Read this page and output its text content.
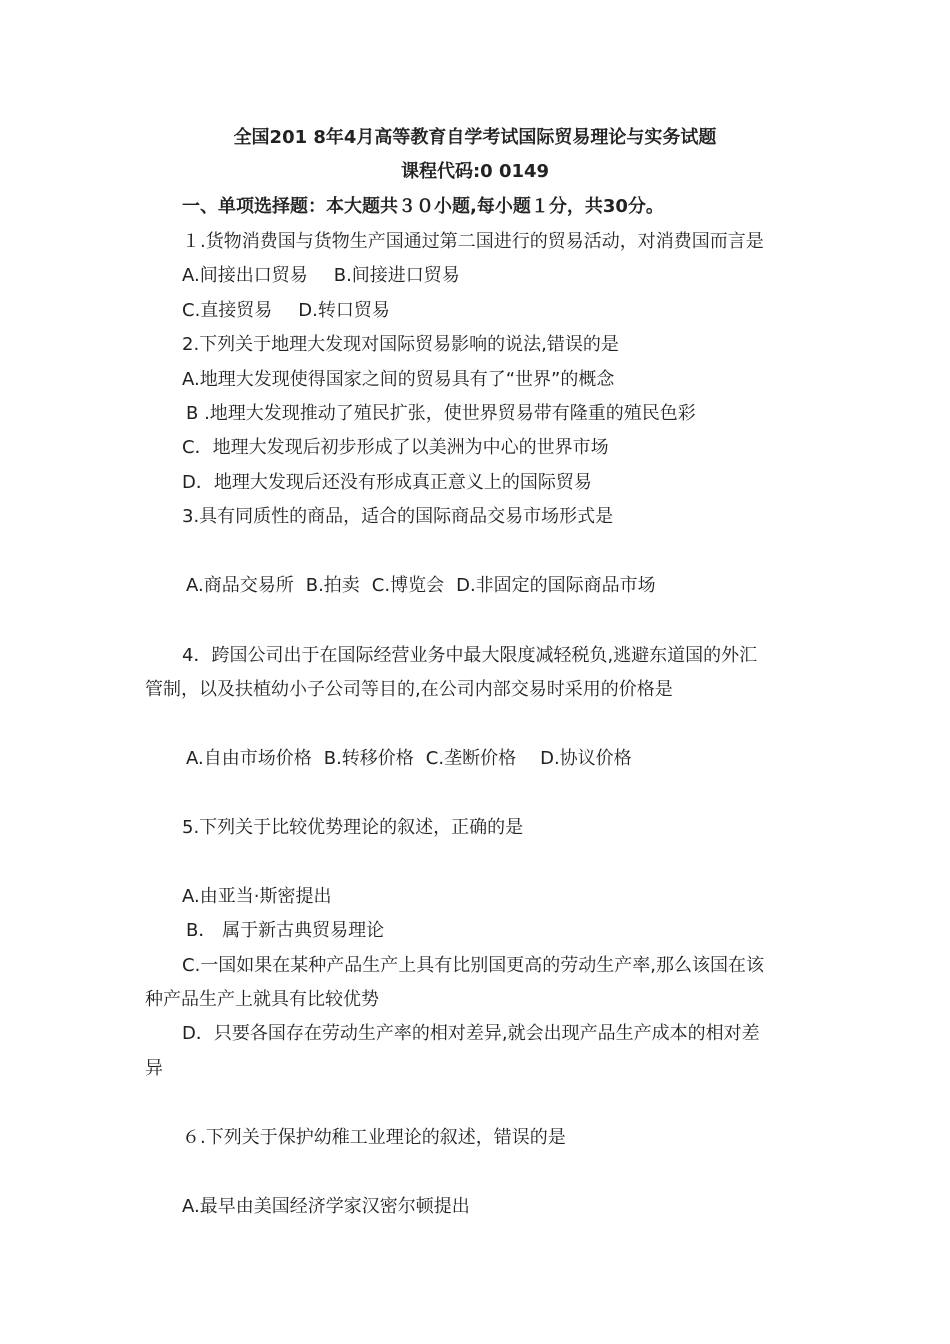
全国201 8年4月高等教育自学考试国际贸易理论与实务试题
课程代码:0 0149
一、单项选择题：本大题共３０小题,每小题１分，共30分。
１.货物消费国与货物生产国通过第二国进行的贸易活动，对消费国而言是
A.间接出口贸易 B.间接进口贸易
C.直接贸易 D.转口贸易
2.下列关于地理大发现对国际贸易影响的说法,错误的是
A.地理大发现使得国家之间的贸易具有了“世界”的概念
B .地理大发现推动了殖民扩张，使世界贸易带有隆重的殖民色彩
C．地理大发现后初步形成了以美洲为中心的世界市场
D．地理大发现后还没有形成真正意义上的国际贸易
3.具有同质性的商品，适合的国际商品交易市场形式是
A.商品交易所 B.拍卖 C.博览会 D.非固定的国际商品市场
4．跨国公司出于在国际经营业务中最大限度减轻税负,逃避东道国的外汇
管制，以及扶植幼小子公司等目的,在公司内部交易时采用的价格是
A.自由市场价格 B.转移价格 C.垄断价格 D.协议价格
5.下列关于比较优势理论的叙述，正确的是
A.由亚当·斯密提出
B． 属于新古典贸易理论
C.一国如果在某种产品生产上具有比别国更高的劳动生产率,那么该国在该
种产品生产上就具有比较优势
D．只要各国存在劳动生产率的相对差异,就会出现产品生产成本的相对差
异
６.下列关于保护幼稚工业理论的叙述，错误的是
A.最早由美国经济学家汉密尔顿提出
